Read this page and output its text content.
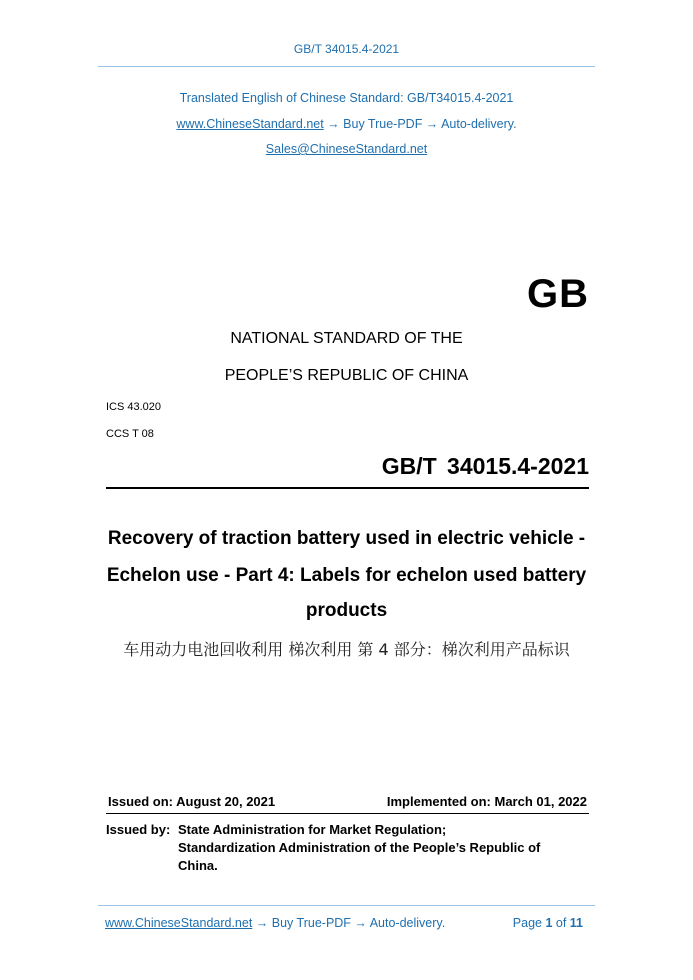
GB/T 34015.4-2021
Translated English of Chinese Standard: GB/T34015.4-2021
www.ChineseStandard.net → Buy True-PDF → Auto-delivery.
Sales@ChineseStandard.net
GB
NATIONAL STANDARD OF THE
PEOPLE’S REPUBLIC OF CHINA
ICS 43.020
CCS T 08
GB/T 34015.4-2021
Recovery of traction battery used in electric vehicle -
Echelon use - Part 4: Labels for echelon used battery
products
车用动力电池回收利用 梯次利用 第 4 部分：梯次利用产品标识
Issued on: August 20, 2021	Implemented on: March 01, 2022
Issued by: State Administration for Market Regulation;
Standardization Administration of the People’s Republic of
China.
www.ChineseStandard.net → Buy True-PDF → Auto-delivery.	Page 1 of 11
